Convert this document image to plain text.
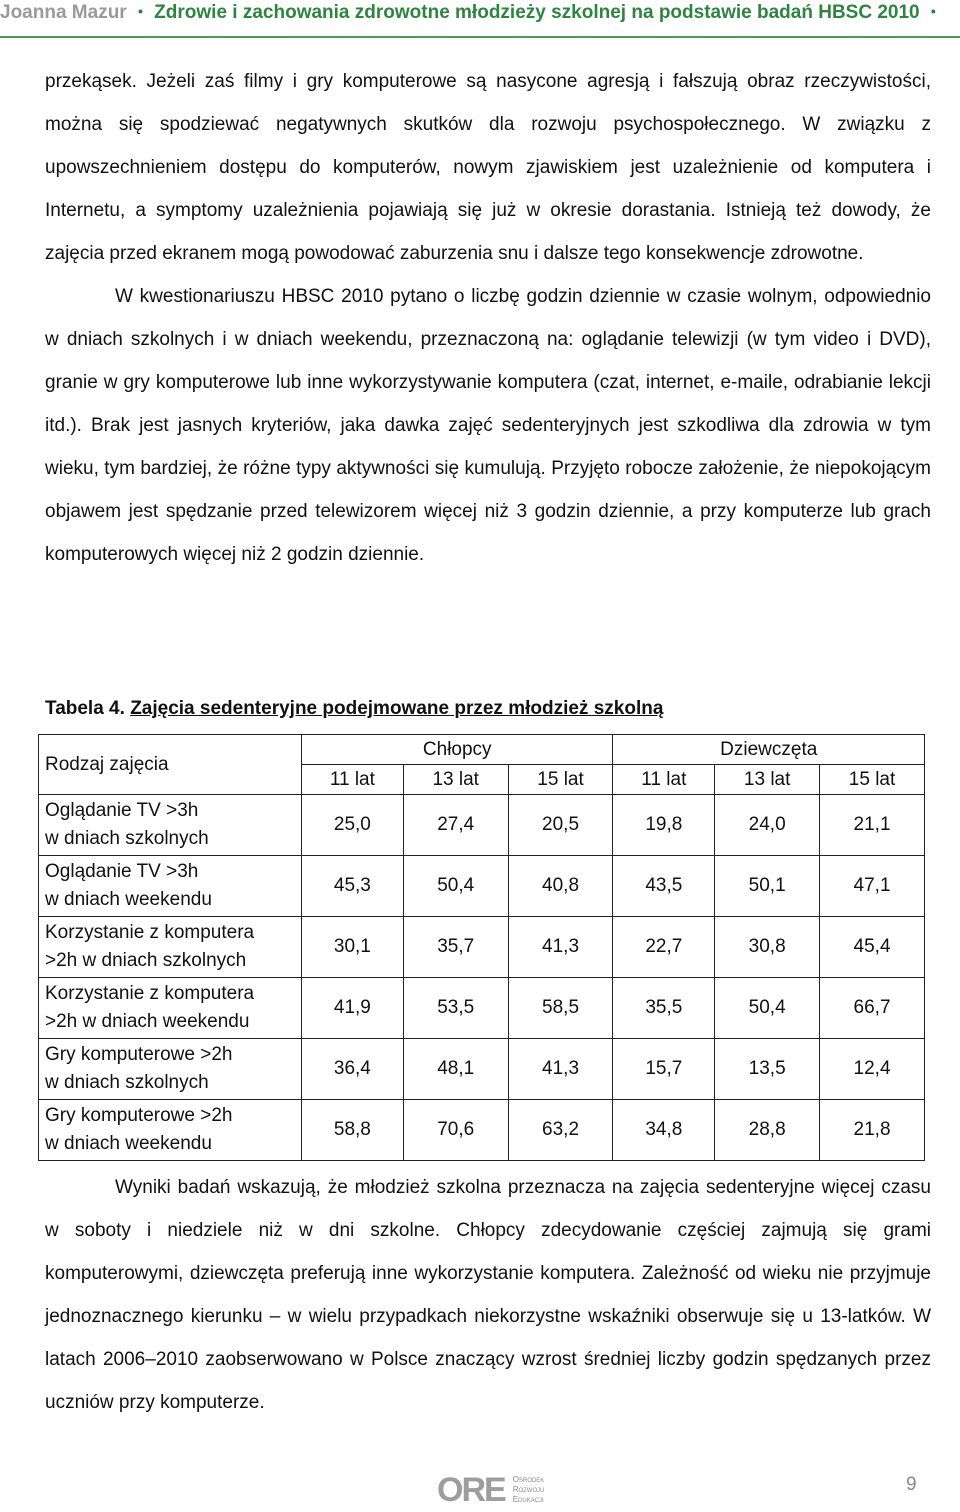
Joanna Mazur • Zdrowie i zachowania zdrowotne młodzieży szkolnej na podstawie badań HBSC 2010 •

przekąsek. Jeżeli zaś filmy i gry komputerowe są nasycone agresją i fałszują obraz rzeczywistości, można się spodziewać negatywnych skutków dla rozwoju psychospołecznego. W związku z upowszechnieniem dostępu do komputerów, nowym zjawiskiem jest uzależnienie od komputera i Internetu, a symptomy uzależnienia pojawiają się już w okresie dorastania. Istnieją też dowody, że zajęcia przed ekranem mogą powodować zaburzenia snu i dalsze tego konsekwencje zdrowotne.

W kwestionariuszu HBSC 2010 pytano o liczbę godzin dziennie w czasie wolnym, odpowiednio w dniach szkolnych i w dniach weekendu, przeznaczoną na: oglądanie telewizji (w tym video i DVD), granie w gry komputerowe lub inne wykorzystywanie komputera (czat, internet, e-maile, odrabianie lekcji itd.). Brak jest jasnych kryteriów, jaka dawka zajęć sedenteryjnych jest szkodliwa dla zdrowia w tym wieku, tym bardziej, że różne typy aktywności się kumulują. Przyjęto robocze założenie, że niepokojącym objawem jest spędzanie przed telewizorem więcej niż 3 godzin dziennie, a przy komputerze lub grach komputerowych więcej niż 2 godzin dziennie.

Tabela 4. Zajęcia sedenteryjne podejmowane przez młodzież szkolną
Rodzaj zajęcia	Chłopcy			Dziewczęta		
	11 lat	13 lat	15 lat	11 lat	13 lat	15 lat
Oglądanie TV >3h
w dniach szkolnych	25,0	27,4	20,5	19,8	24,0	21,1
Oglądanie TV >3h
w dniach weekendu	45,3	50,4	40,8	43,5	50,1	47,1
Korzystanie z komputera
>2h w dniach szkolnych	30,1	35,7	41,3	22,7	30,8	45,4
Korzystanie z komputera
>2h w dniach weekendu	41,9	53,5	58,5	35,5	50,4	66,7
Gry komputerowe >2h
w dniach szkolnych	36,4	48,1	41,3	15,7	13,5	12,4
Gry komputerowe >2h
w dniach weekendu	58,8	70,6	63,2	34,8	28,8	21,8

Wyniki badań wskazują, że młodzież szkolna przeznacza na zajęcia sedenteryjne więcej czasu w soboty i niedziele niż w dni szkolne. Chłopcy zdecydowanie częściej zajmują się grami komputerowymi, dziewczęta preferują inne wykorzystanie komputera. Zależność od wieku nie przyjmuje jednoznacznego kierunku – w wielu przypadkach niekorzystne wskaźniki obserwuje się u 13-latków. W latach 2006–2010 zaobserwowano w Polsce znaczący wzrost średniej liczby godzin spędzanych przez uczniów przy komputerze.

ORE Ośrodek
Rozwoju
Edukacji
9
